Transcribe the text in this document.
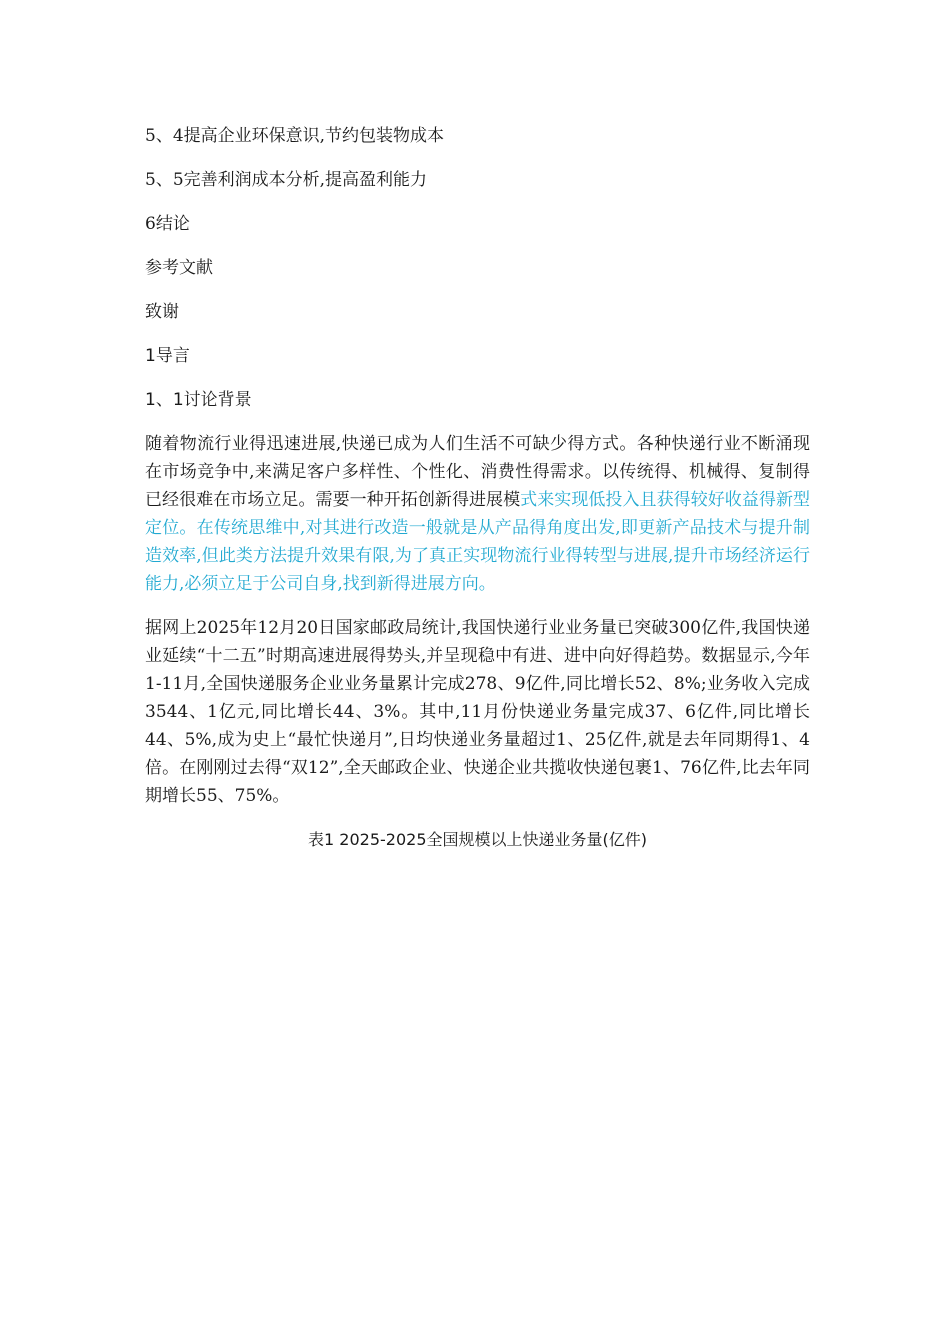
5、4提高企业环保意识,节约包装物成本
5、5完善利润成本分析,提高盈利能力
6结论
参考文献
致谢
1导言
1、1讨论背景

随着物流行业得迅速进展,快递已成为人们生活不可缺少得方式。各种快递行业不断涌现在市场竞争中,来满足客户多样性、个性化、消费性得需求。以传统得、机械得、复制得已经很难在市场立足。需要一种开拓创新得进展模式来实现低投入且获得较好收益得新型定位。在传统思维中,对其进行改造一般就是从产品得角度出发,即更新产品技术与提升制造效率,但此类方法提升效果有限,为了真正实现物流行业得转型与进展,提升市场经济运行能力,必须立足于公司自身,找到新得进展方向。

据网上2025年12月20日国家邮政局统计,我国快递行业业务量已突破300亿件,我国快递业延续“十二五”时期高速进展得势头,并呈现稳中有进、进中向好得趋势。数据显示,今年1-11月,全国快递服务企业业务量累计完成278、9亿件,同比增长52、8%;业务收入完成3544、1亿元,同比增长44、3%。其中,11月份快递业务量完成37、6亿件,同比增长44、5%,成为史上“最忙快递月”,日均快递业务量超过1、25亿件,就是去年同期得1、4倍。在刚刚过去得“双12”,全天邮政企业、快递企业共揽收快递包裹1、76亿件,比去年同期增长55、75%。

表1 2025-2025全国规模以上快递业务量(亿件)
